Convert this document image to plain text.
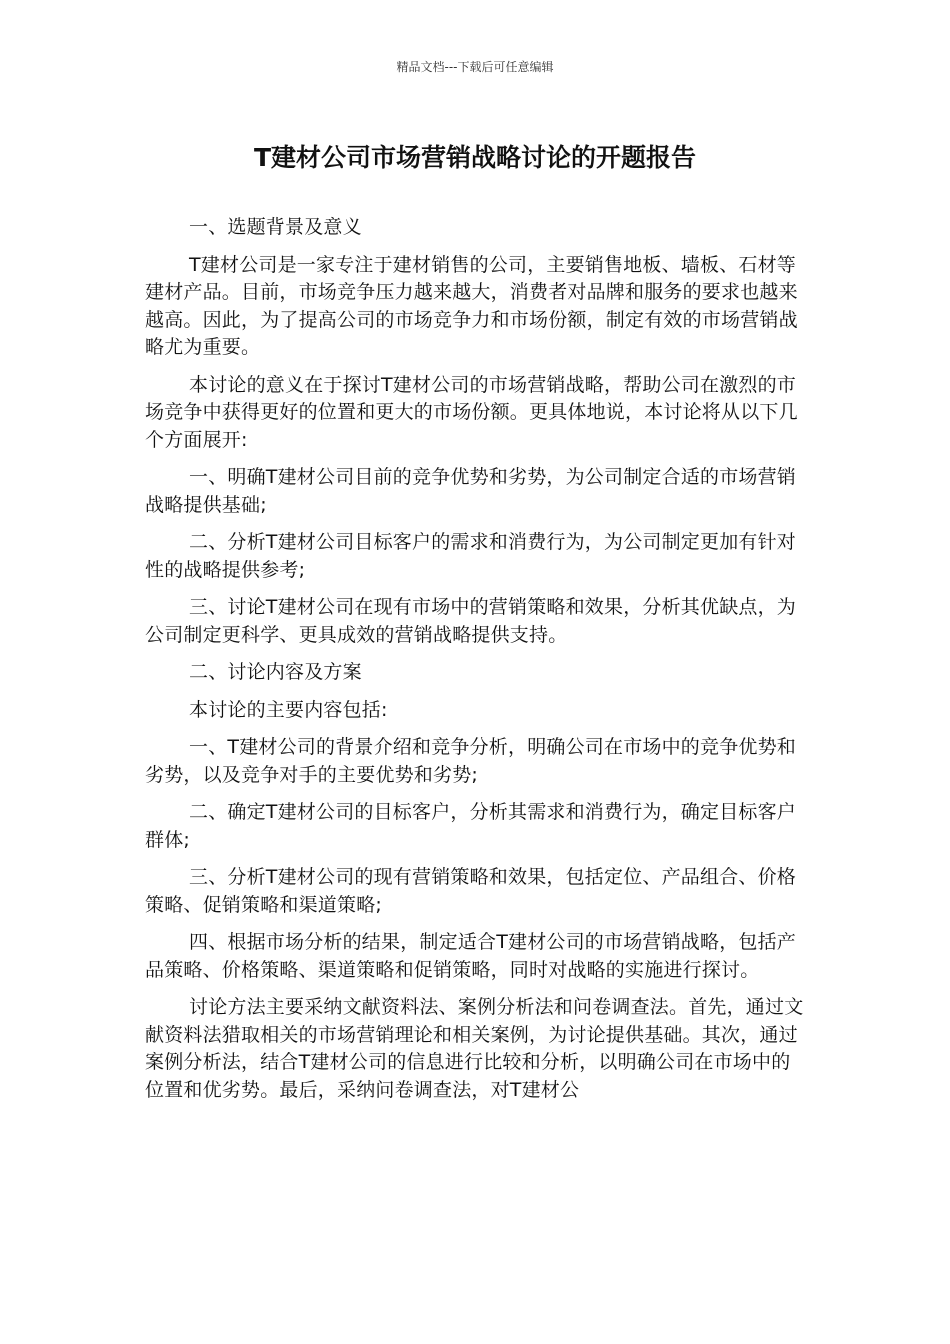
精品文档---下载后可任意编辑
T建材公司市场营销战略讨论的开题报告

一、选题背景及意义

T建材公司是一家专注于建材销售的公司，主要销售地板、墙板、石材等建材产品。目前，市场竞争压力越来越大，消费者对品牌和服务的要求也越来越高。因此，为了提高公司的市场竞争力和市场份额，制定有效的市场营销战略尤为重要。

本讨论的意义在于探讨T建材公司的市场营销战略，帮助公司在激烈的市场竞争中获得更好的位置和更大的市场份额。更具体地说，本讨论将从以下几个方面展开:

一、明确T建材公司目前的竞争优势和劣势，为公司制定合适的市场营销战略提供基础;

二、分析T建材公司目标客户的需求和消费行为，为公司制定更加有针对性的战略提供参考;

三、讨论T建材公司在现有市场中的营销策略和效果，分析其优缺点，为公司制定更科学、更具成效的营销战略提供支持。

二、讨论内容及方案

本讨论的主要内容包括:

一、T建材公司的背景介绍和竞争分析，明确公司在市场中的竞争优势和劣势，以及竞争对手的主要优势和劣势;

二、确定T建材公司的目标客户，分析其需求和消费行为，确定目标客户群体;

三、分析T建材公司的现有营销策略和效果，包括定位、产品组合、价格策略、促销策略和渠道策略;

四、根据市场分析的结果，制定适合T建材公司的市场营销战略，包括产品策略、价格策略、渠道策略和促销策略，同时对战略的实施进行探讨。

讨论方法主要采纳文献资料法、案例分析法和问卷调查法。首先，通过文献资料法猎取相关的市场营销理论和相关案例，为讨论提供基础。其次，通过案例分析法，结合T建材公司的信息进行比较和分析，以明确公司在市场中的位置和优劣势。最后，采纳问卷调查法，对T建材公
